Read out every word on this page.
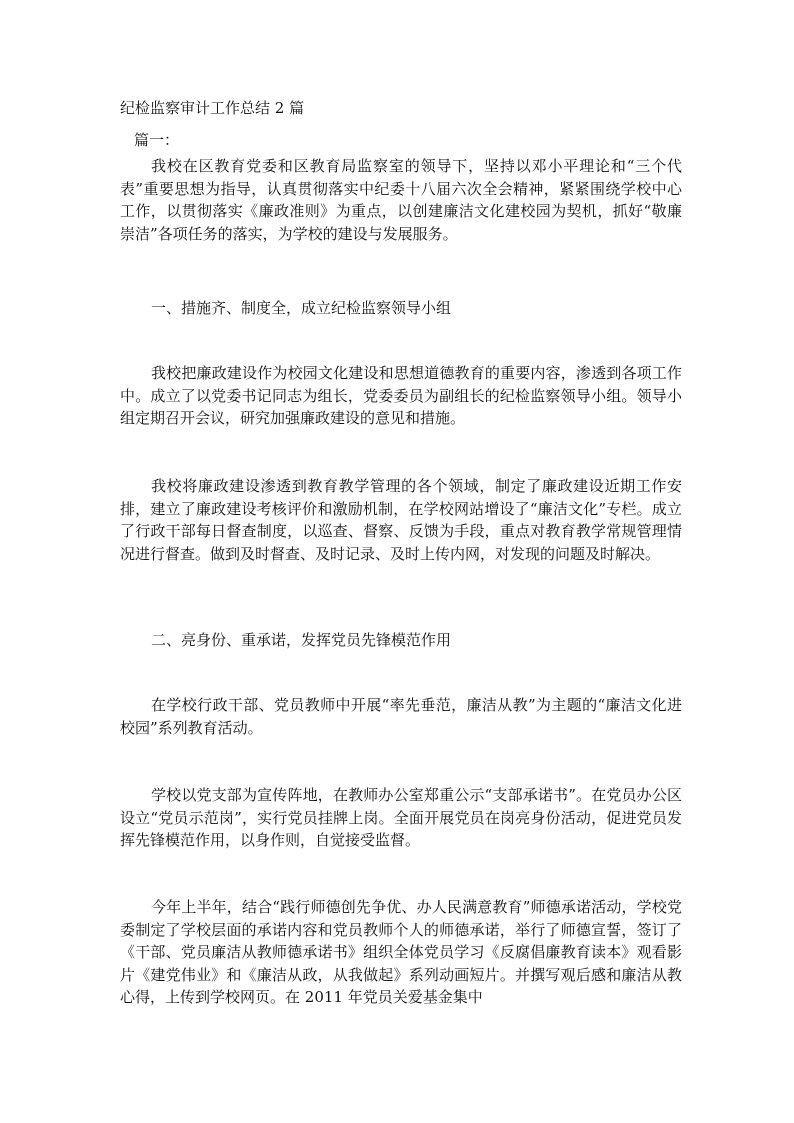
纪检监察审计工作总结 2 篇
篇一：

我校在区教育党委和区教育局监察室的领导下，坚持以邓小平理论和“三个代表”重要思想为指导，认真贯彻落实中纪委十八届六次全会精神，紧紧围绕学校中心工作，以贯彻落实《廉政准则》为重点，以创建廉洁文化建校园为契机，抓好“敬廉崇洁”各项任务的落实，为学校的建设与发展服务。

一、措施齐、制度全，成立纪检监察领导小组

我校把廉政建设作为校园文化建设和思想道德教育的重要内容，渗透到各项工作中。成立了以党委书记同志为组长，党委委员为副组长的纪检监察领导小组。领导小组定期召开会议，研究加强廉政建设的意见和措施。

我校将廉政建设渗透到教育教学管理的各个领域，制定了廉政建设近期工作安排，建立了廉政建设考核评价和激励机制，在学校网站增设了“廉洁文化”专栏。成立了行政干部每日督查制度，以巡查、督察、反馈为手段，重点对教育教学常规管理情况进行督查。做到及时督查、及时记录、及时上传内网，对发现的问题及时解决。

二、亮身份、重承诺，发挥党员先锋模范作用

在学校行政干部、党员教师中开展“率先垂范，廉洁从教”为主题的“廉洁文化进校园”系列教育活动。

学校以党支部为宣传阵地，在教师办公室郑重公示“支部承诺书”。在党员办公区设立“党员示范岗”，实行党员挂牌上岗。全面开展党员在岗亮身份活动，促进党员发挥先锋模范作用，以身作则，自觉接受监督。

今年上半年，结合“践行师德创先争优、办人民满意教育”师德承诺活动，学校党委制定了学校层面的承诺内容和党员教师个人的师德承诺，举行了师德宣誓，签订了《干部、党员廉洁从教师德承诺书》组织全体党员学习《反腐倡廉教育读本》观看影片《建党伟业》和《廉洁从政，从我做起》系列动画短片。并撰写观后感和廉洁从教心得，上传到学校网页。在 2011 年党员关爱基金集中
